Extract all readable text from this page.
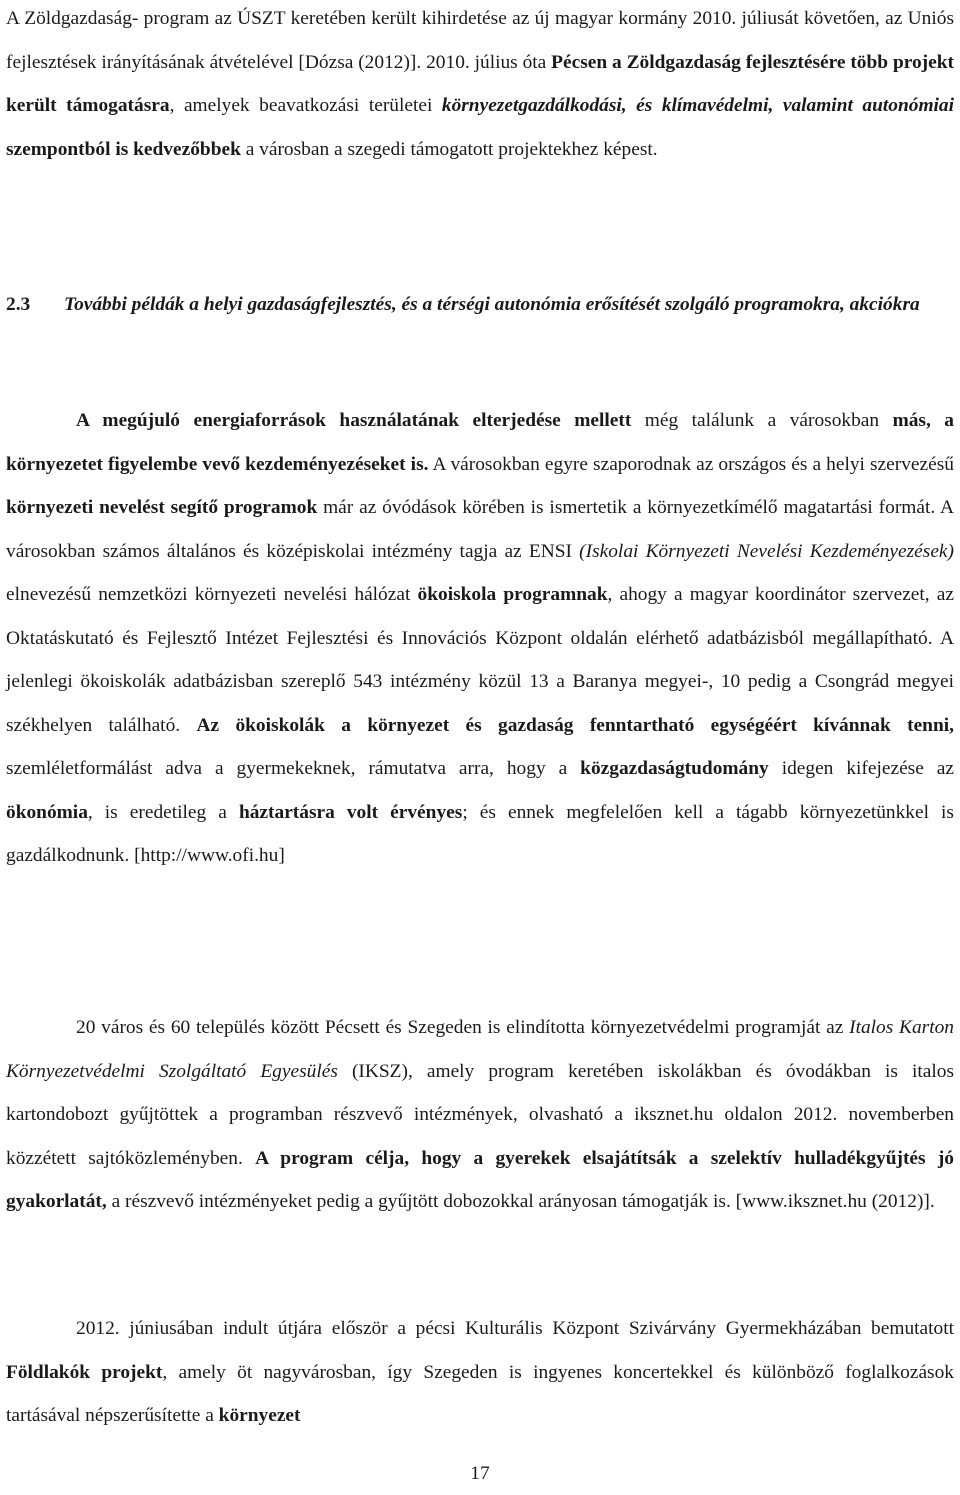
A Zöldgazdaság- program az ÚSZT keretében került kihirdetése az új magyar kormány 2010. júliusát követően, az Uniós fejlesztések irányításának átvételével [Dózsa (2012)]. 2010. július óta Pécsen a Zöldgazdaság fejlesztésére több projekt került támogatásra, amelyek beavatkozási területei környezetgazdálkodási, és klímavédelmi, valamint autonómiai szempontból is kedvezőbbek a városban a szegedi támogatott projektekhez képest.

2.3 További példák a helyi gazdaságfejlesztés, és a térségi autonómia erősítését szolgáló programokra, akciókra

A megújuló energiaforrások használatának elterjedése mellett még találunk a városokban más, a környezetet figyelembe vevő kezdeményezéseket is. A városokban egyre szaporodnak az országos és a helyi szervezésű környezeti nevelést segítő programok már az óvódások körében is ismertetik a környezetkímélő magatartási formát. A városokban számos általános és középiskolai intézmény tagja az ENSI (Iskolai Környezeti Nevelési Kezdeményezések) elnevezésű nemzetközi környezeti nevelési hálózat ökoiskola programnak, ahogy a magyar koordinátor szervezet, az Oktatáskutató és Fejlesztő Intézet Fejlesztési és Innovációs Központ oldalán elérhető adatbázisból megállapítható. A jelenlegi ökoiskolák adatbázisban szereplő 543 intézmény közül 13 a Baranya megyei-, 10 pedig a Csongrád megyei székhelyen található. Az ökoiskolák a környezet és gazdaság fenntartható egységéért kívánnak tenni, szemléletformálást adva a gyermekeknek, rámutatva arra, hogy a közgazdaságtudomány idegen kifejezése az ökonómia, is eredetileg a háztartásra volt érvényes; és ennek megfelelően kell a tágabb környezetünkkel is gazdálkodnunk. [http://www.ofi.hu]

20 város és 60 település között Pécsett és Szegeden is elindította környezetvédelmi programját az Italos Karton Környezetvédelmi Szolgáltató Egyesülés (IKSZ), amely program keretében iskolákban és óvodákban is italos kartondobozt gyűjtöttek a programban részvevő intézmények, olvasható a iksznet.hu oldalon 2012. novemberben közzétett sajtóközleményben. A program célja, hogy a gyerekek elsajátítsák a szelektív hulladékgyűjtés jó gyakorlatát, a részvevő intézményeket pedig a gyűjtött dobozokkal arányosan támogatják is. [www.iksznet.hu (2012)].

2012. júniusában indult útjára először a pécsi Kulturális Központ Szivárvány Gyermekházában bemutatott Földlakók projekt, amely öt nagyvárosban, így Szegeden is ingyenes koncertekkel és különböző foglalkozások tartásával népszerűsítette a környezet

17
